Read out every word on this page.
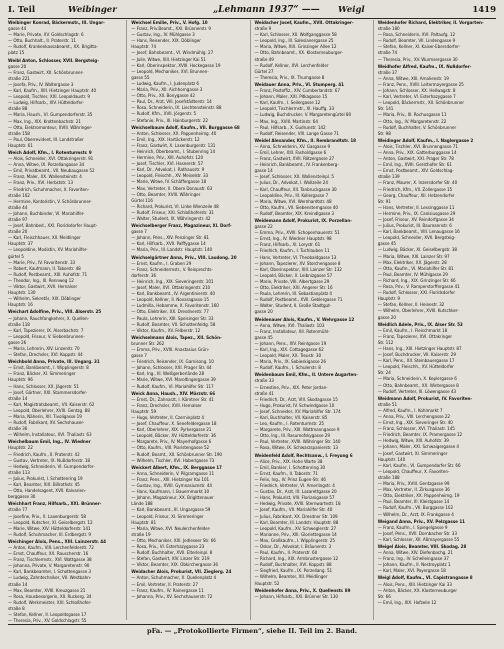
I. Teil	Weibinger	„Lehmann 1937“ —— Weigl	1419
Weibinger Konrad, Bäckermstr., III. Ungar-
gasse 44
— Marie, Private, XV. Goldschlagstr. 6
— Otto, Buchhalt., II. Praterstr. 11
— Rudolf, Krankenkassabeamt., XX. Brigitta-
platz 15
Weibl Anton, Schlosser, XVII. Bergsteig-
gasse 20
— Franz, Gastwirt, XII. Schönbrunner-
straße 221
— Josefa, Priv., IV. Waltergasse 3
— Karl, Kaufm., XIII. Hietzinger Hauptstr. 40
— Leopold, Tischler, XXI. Leopoldaustr. 9
— Ludwig, Hilfsarb., XIV. Hütteldorfer-
straße 88
— Maria, Haush., VI. Gumpendorferstr. 35
— Max, Ing., XIX. Krottenbachstr. 21
— Otto, Elektromonteur, XVIII. Währinger-
straße 158
— Paul, Oberrevident, III. Landstraßer
Hauptstr. 61
Weich Adolf, Kfm., I. Rotenturmstr. 9
— Alois, Schneider, XVI. Ottakringerstr. 91
— Anna, Witwe, IX. Porzellangasse 34
— Emil, Privatbeamt., VII. Neubaugasse 52
— Franz, Maler, XX. Wallensteinstr. 4
— Franz, Priv., XVI. Herbststr. 13
— Friedrich, Schuhmacher, X. Favoriten-
straße 102
— Hermine, Kontoristin, V. Schönbrunner-
straße 44
— Johann, Buchbinder, VI. Mariahilfer-
straße 97
— Josef, Bahnbed., XXI. Floridsdorfer Haupt-
straße 20
— Karl, Fleischhauer, XII. Meidlinger
Hauptstr. 37
— Leopoldine, Modistin, XV. Mariahilfer-
gürtel 5
— Marie, Priv., IV. Favoritenstr. 33
— Robert, Kaufmann, II. Taborstr. 48
— Rudolf, Postbeamt., XIII. Auhofstr. 71
— Theodor, Ing., III. Rennweg 12
— Viktor, Gastwirt, XVII. Hernalser
Hauptstr. 130
— Wilhelm, Sekretär, XIX. Döblinger
Hauptstr. 16
Weichart Adolfine, Priv., VIII. Alserstr. 25
— Johann, Rauchfangkehrer, X. Quellen-
straße 118
— Karl, Tapezierer, IX. Alserbachstr. 7
— Leopold, Friseur, V. Siebenbrunnen-
gasse 26
— Maria, Lehrerin, XIV. Linzerstr. 70
— Stefan, Drechsler, XVI. Koppstr. 44
Weichbold Anna, Private, III. Ungarg. 31
— Ernst, Bankbeamt., I. Wipplingerstr. 8
— Franz, Bäcker, XI. Simmeringer
Hauptstr. 96
— Hans, Schlosser, XX. Jägerstr. 51
— Josef, Gärtner, XXI. Stammersdorfer-
straße 14
— Karl, Magistratsbeamt., VII. Kaiserstr. 62
— Leopold, Oberlehrer, XVIII. Gentzg. 88
— Maria, Näherin, XII. Tivoligasse 19
— Rudolf, Fabrikant, XV. Sechshauser-
straße 36
— Wilhelm, Installateur, XVI. Thaliastr. 63
Weichelbaum Emil, Ing., IV. Wiedner
Hauptstr. 22
— Friedrich, Kaufm., II. Praterstr. 42
— Gustav, Vertreter, IX. Nußdorferstr. 18
— Hedwig, Schneiderin, VI. Gumpendorfer-
straße 113
— Julius, Prokurist, I. Schottenring 19
— Karl, Beamter, XIX. Billrothstr. 45
— Otto, Handelsagent, XVII. Kalvarien-
berggasse 30
Weichhart Franz, Hilfsarb., XXI. Brünner-
straße 77
— Josefine, Priv., X. Laxenburgerstr. 58
— Leopold, Kutscher, XI. Geiselbergstr. 12
— Marie, Witwe, XIV. Hütteldorferstr. 141
— Rudolf, Schuhmacher, III. Erdbergstr. 9
Weichinger Alois, Pens., XIII. Lainzerstr. 44
— Anton, Kaufm., VIII. Lerchenfelderstr. 72
— Ernst, Chauffeur, XX. Rauscherstr. 16
— Franz, Tischlermstr., XVI. Wattgasse 38
— Johanna, Private, V. Margaretenstr. 90
— Karl, Bankbeamter, I. Schottengasse 3
— Ludwig, Zahntechniker, VII. Westbahn-
straße 14
— Max, Beamter, XVIII. Kreuzgasse 21
— Rosa, Hausbesorgerin, XII. Ruckerg. 34
— Rudolf, Werkmeister, XXI. Schloßhofer-
straße 8
— Stefan, Kellner, II. Leopoldsgasse 17
— Theresia, Priv., XV. Goldschlagstr. 55
Weichsel Emilie, Priv., V. Hofg. 10
— Franz, Priv.Beamt., XXI. Brünnerstr. 9
— Gustav, Ing., IV. Mühlgasse 3
— Hans, Reisender, XIX. Döblinger
Hauptstr. 74
— Josef, Bahnbeamt., VI. Windmühlg. 27
— Julie, Witwe, XIII. Hietzinger Kai 51
— Karl, Oberinspektor, XVIII. Hockegasse 19
— Leopold, Mechaniker, XVI. Brunnen-
gasse 55
— Ludwig, Kaufm., I. Judenplatz 6
— Maria, Priv., XII. Aichhorngasse 3
— Otto, Priv., XII. Bonygasse 42
— Paul, Dr., Arzt, VIII. Josefstädterstr. 14
— Rosa, Schneiderin, IX. Liechtensteinstr. 88
— Rudolf, Kfm., XVII. Jörgerstr. 5
— Stefanie, Priv., III. Hainburgerstr. 22
Weichselbaum Adolf, Kaufm., VII. Burggasse 68
— Anton, Schlosser, XX. Pappenheimg. 40
— Emil, Ing., XIX. Hartäckerstr. 12
— Franz, Gastwirt, X. Laxenburgerstr. 131
— Heinrich, Oberbeamt., I. Stubenring 14
— Hermine, Priv., XIII. Auhofstr. 120
— Josef, Tischler, XVI. Hasnerstr. 57
— Karl, Dr., Advokat, I. Rathausstr. 9
— Leopold, Fleischh., XV. Meiselstr. 33
— Marie, Witwe, IV. Schäffergasse 18
— Max, Vertreter, II. Obere Donaustr. 63
— Otto, Beamter, XVIII. Währinger
Gürtel 116
— Richard, Prokurist, VI. Linke Wienzeile 48
— Rudolf, Friseur, XXI. Schloßhoferstr. 31
— Walter, Student, IX. Währingerstr. 42
Weichselberger Franz, Magazineur, XI. Dorf-
gasse 7
— Johann, Pens., XIV. Penzinger Str. 81
— Karl, Hilfsarb., XVII. Palffygasse 14
— Maria, Priv., III. Landstr. Hauptstr. 140
Weichselgärtner Anna, Priv., VIII. Laudong. 20
— Ernst, Kaufm., I. Graben 29
— Franz, Schneidermstr., V. Reinprechts-
dorferstr. 36
— Heinrich, Ing., XIX. Sieveringerstr. 101
— Josef, Maler, XVI. Ottakringerstr. 210
— Karl, Bankbeamt., IV. Argentinierstr. 40
— Leopold, Kellner, II. Novaragasse 15
— Ludmilla, Hebamme, X. Favoritenstr. 160
— Otto, Elektriker, XX. Dresdnerstr. 77
— Paula, Lehrerin, XIII. Speisinger Str. 33
— Rudolf, Beamter, VII. Schottenfeldg. 58
— Viktor, Kaufm., XV. Felberstr. 12
Weichselmann Alois, Tapez., XII. Schön-
brunner Str. 262
— Emma, Priv., XVIII. Anastasius Grün-
gasse 7
— Friedrich, Reisender, IX. Garnisong. 10
— Johann, Schlosser, XXI. Prager Str. 44
— Karl, Ing., III. Weißgerberlände 28
— Marie, Witwe, XVI. Maroltingergasse 39
— Rudolf, Kaufm., VI. Mariahilfer Str. 117
Weick Anna, Haush., XIV. Märzstr. 66
— Ernst, Dr., Zahnarzt, I. Kärntner Str. 41
— Franz, Drechsler, XVII. Hernalser
Hauptstr. 59
— Hugo, Vertreter, II. Czerninplatz 4
— Josef, Chauffeur, X. Senefeldergasse 18
— Karl, Oberlehrer, XIX. Pyrkergasse 21
— Leopold, Bäcker, XV. Hütteldorferstr. 36
— Margarete, Priv., IV. Mayerhofgasse 6
— Otto, Kaufm., VIII. Piaristengasse 52
— Rudolf, Beamt., XII. Schönbrunner Str. 190
— Wilhelm, Tischler, XVI. Haberlgasse 73
Weickert Albert, Kfm., IX. Berggasse 17
— Anna, Schneiderin, V. Pilgramgasse 11
— Franz, Pens., XIII. Hietzinger Kai 101
— Gustav, Ing., XVIII. Gymnasiumstr. 44
— Hans, Kaufmann, I. Bauernmarkt 10
— Johann, Magazineur, XX. Brigittenauer
Lände 188
— Karl, Bankbeamt., III. Ungargasse 59
— Leopold, Friseur, XI. Simmeringer
Hauptstr. 81
— Maria, Witwe, XVI. Neulerchenfelder-
straße 19
— Otto, Mechaniker, XXI. Jedleseer Str. 66
— Rosa, Priv., VI. Esterhazygasse 23
— Rudolf, Buchhalter, XVII. Elterleinpl. 8
— Stefan, Gastwirt, XIV. Linzer Str. 219
— Viktor, Beamter, XIX. Obkirchergasse 36
Weidacher Alois, Prokurist, VII. Zieglerg. 24
— Anton, Schuhmacher, X. Quellenplatz 4
— Emil, Vertreter, II. Praterstr. 27
— Franz, Kaufm., IV. Rainergasse 11
— Johanna, Priv., XV. Sechshauserstr. 72
Weidacher Josef, Kaufm., XVII. Ottakringer-
straße 9
— Karl, Schlosser, XII. Wolfganggasse 58
— Leopold, Ing., III. Salesianergasse 25
— Maria, Witwe, XIX. Grinzinger Allee 12
— Otto, Bahnbeamt., XX. Klosterneuburger-
straße 49
— Rudolf, Kellner, XVI. Lerchenfelder
Gürtel 27
— Theresia, Priv., IX. Thurngasse 8
Weidauer Anna, Priv., VI. Stumperg. 41
— Franz, Postoffiz., XIV. Cumberlandstr. 67
— Johann, Maler, XXI. Pitkagasse 15
— Karl, Kaufm., I. Seilergasse 12
— Leopold, Tischlermstr., XI. Hauffg. 33
— Ludwig, Buchdrucker, V. Margaretengürtel 80
— Max, Ing., XVIII. Martinstr. 64
— Paul, Hilfsarb., X. Gudrunstr. 142
— Rudolf, Reisender, VIII. Lange Gasse 71
Weidel Alexander, Kfm., II. Rembrandtstr. 18
— Anna, Schneiderin, XV. Gasgasse 9
— Emil, Lehrer, XIII. Fasholdgasse 6
— Franz, Gastwirt, XVII. Rötzergasse 27
— Heinrich, Bankbeamt., IV. Frankenberg-
gasse 14
— Josef, Schlosser, XX. Wallensteinpl. 5
— Julius, Dr., Advokat, I. Wollzeile 24
— Karl, Chauffeur, XII. Tanbruckgasse 30
— Leopoldine, Priv., III. Kollergasse 7
— Maria, Witwe, XVI. Wernhardtstr. 48
— Otto, Kaufm., VII. Siebensterngasse 40
— Rudolf, Beamter, XIX. Kreindlgasse 3
Weidemann Adolf, Prokurist, IX. Porzellan-
gasse 22
— Emma, Priv., XVIII. Schopenhauerstr. 51
— Ernst, Ing., IV. Wiedner Hauptstr. 98
— Franz, Hilfsarb., XI. Lorystr. 61
— Friedrich, Kaufm., I. Tuchlauben 11
— Hans, Vertreter, VI. Theobaldgasse 13
— Johann, Tapezierer, XV. Storchengasse 8
— Karl, Oberinspektor, XIII. Lainzer Str. 132
— Leopold, Bäcker, X. Leibnizgasse 57
— Marie, Private, VIII. Albertgasse 29
— Otto, Elektriker, XXI. Angerer Str. 16
— Paula, Lehrerin, III. Sebastianplatz 4
— Rudolf, Postbeamt., XVII. Geblergasse 71
— Walter, Student, II. Große Stadtgut-
gasse 20
Weidenauer Alois, Kaufm., V. Wehrgasse 12
— Anna, Witwe, XVI. Thaliastr. 103
— Franz, Installateur, XII. Rotenmühl-
gasse 45
— Johann, Pens., XIV. Reinlgasse 19
— Karl, Ing., XIX. Cottagegasse 62
— Leopold, Maler, XX. Treustr. 30
— Maria, Priv., IX. Sobieskigasse 26
— Rudolf, Kaufm., I. Schulerstr. 8
Weidenbaum Emil, Kfm., II. Untere Augarten-
straße 33
— Ernestine, Priv., XIX. Peter Jordan-
straße 41
— Friedrich, Dr., Arzt, VIII. Skodagasse 15
— Hugo, Prokurist, IV. Schwindgasse 10
— Josef, Schneider, XV. Mariahilfer Str. 174
— Karl, Buchhalter, VII. Kaiserstr. 85
— Leo, Kaufm., I. Rotenturmstr. 25
— Margarete, Priv., XIII. Wattmanngasse 9
— Otto, Ing., III. Rasumofskygasse 29
— Paul, Vertreter, XVIII. Währinger Str. 140
— Rosa, Witwe, IX. Schwarzspanierstr. 13
Weidenfeld Adolf, Rechtsanw., I. Freyung 6
— Alice, Priv., XIX. Hohe Warte 38
— Emil, Bankier, I. Schottenring 30
— Ernst, Kaufm., II. Taborstr. 71
— Felix, Ing., IV. Prinz Eugen-Str. 46
— Friedrich, Vertreter, VI. Amerlingstr. 4
— Gustav, Dr., Arzt, IX. Lazarettgasse 20
— Hans, Prokurist, VIII. Florianigasse 57
— Hedwig, Private, XVIII. Sternwartestr. 18
— Josef, Kaufm., VII. Mariahilfer Str. 40
— Julius, Fabrikant, XX. Dresdner Str. 109
— Karl, Beamter, III. Landstr. Hauptstr. 88
— Leopold, Kaufm., XV. Schweglerstr. 27
— Marianne, Priv., XIII. Gloriettegasse 14
— Max, Großkaufm., I. Wipplingerstr. 25
— Oskar, Dr., Advokat, I. Bräunerstr. 3
— Paul, Kaufm., II. Praterstr. 60
— Richard, Ing., XIX. Armbrustergasse 12
— Rudolf, Buchhalter, XVI. Koppstr. 88
— Siegfried, Kaufm., IX. Porzellang. 51
— Wilhelm, Beamter, XII. Meidlinger
Hauptstr. 52
Weidenhofer Anna, Priv., X. Quellenstr. 89
— Johann, Hilfsarb., XXI. Brünner Str. 130
Weidenhofer Richard, Elektriker, II. Vorgarten-
straße 180
— Rosa, Schneiderin, XVI. Paltaufg. 12
— Rudolf, Beamter, VII. Lindengasse 9
— Stefan, Kellner, XI. Kaiser-Ebersdorfer-
straße 74
— Theresia, Priv., XV. Wurmsergasse 30
Weidhofer Alfred, Kaufm., IX. Nußdorfer-
straße 37
— Anna, Witwe, XIII. Amalienstr. 19
— Franz, Pens., XVIII. Leitermayergasse 25
— Johann, Schlosser, XX. Hellwagstr. 8
— Karl, Vertreter, VI. Esterhazygasse 7
— Leopold, Bäckermstr., XII. Schönbrunner
Str. 141
— Maria, Priv., III. Rochusgasse 11
— Otto, Ing., IV. Margaretenstr. 22
— Rudolf, Buchhalter, V. Schönbrunner
Str. 98
Weidinger Adolf, Kaufm., I. Naglergasse 2
— Alois, Tischler, XVI. Brunnengasse 71
— Anna, Priv., XIX. Gatterburggasse 14
— Anton, Gastwirt, XXI. Prager Str. 78
— Emil, Ing., XVIII. Gersthofer Str. 61
— Ernst, Postbeamt., XIV. Goldschlag-
straße 139
— Franz, Maurer, X. Inzersdorfer Str. 40
— Friedrich, Kfm., VII. Zollergasse 15
— Georg, Chauffeur, XII. Hetzendorfer
Str. 91
— Hans, Vertreter, II. Lessinggasse 11
— Hermine, Priv., IX. Canisiusgasse 29
— Josef, Friseur, XV. Reindorfgasse 34
— Julius, Prokurist, III. Baumannstr. 6
— Karl, Bankbeamt., VIII. Lenaugasse 16
— Leopold, Schneider, XVII. Bergsteig-
gasse 45
— Ludwig, Bäcker, XI. Geiselbergstr. 38
— Maria, Witwe, XIII. Lainzer Str. 97
— Max, Elektriker, XX. Jägerstr. 28
— Otto, Kaufm., VI. Mariahilfer Str. 81
— Paul, Beamter, IV. Mühlgasse 29
— Richard, Ing., XIX. Grinzinger Str. 66
— Rosa, Priv., V. Ramperstorffergasse 41
— Rudolf, Schlosser, XXI. Floridsdorfer
Hauptstr. 9
— Stefan, Kellner, II. Heinestr. 32
— Wilhelm, Oberlehrer, XVIII. Kutschker-
gasse 20
Weidlich Adele, Priv., IX. Alser Str. 53
— Emil, Kaufm., I. Fleischmarkt 18
— Franz, Tapezierer, XVI. Ottakringer
Str. 112
— Hans, Ing., XIII. Hietzinger Hauptstr. 87
— Josef, Buchdrucker, VII. Kaiserstr. 29
— Karl, Pens., XII. Steinbauergasse 17
— Leopold, Fleischh., XV. Hütteldorfer
Str. 24
— Maria, Schneiderin, X. Keplergasse 6
— Otto, Bahnbeamt., XX. Wintergasse 8
— Rudolf, Vertreter, III. Löwengasse 43
Weidmann Adolf, Prokurist, IV. Favoriten-
straße 51
— Alfred, Kaufm., I. Kohlmarkt 7
— Anna, Priv., VIII. Lerchengasse 22
— Ernst, Ing., XIX. Sieveringer Str. 40
— Franz, Schlosser, XVI. Thaliastr. 145
— Friedrich, Beamter, IX. Pramergasse 12
— Hedwig, Witwe, XIII. Auhofstr. 39
— Johann, Maler, XXI. Schwaigergasse 4
— Josef, Gastwirt, XI. Simmeringer
Hauptstr. 140
— Karl, Kaufm., VI. Gumpendorfer Str. 66
— Leopold, Chauffeur, X. Favoriten-
straße 188
— Maria, Priv., XVIII. Gentzgasse 99
— Max, Vertreter, II. Zirkusgasse 36
— Otto, Elektriker, XX. Pappenheimg. 19
— Paul, Beamter, III. Kleistgasse 14
— Rudolf, Kaufm., VII. Burggasse 102
— Wilhelm, Dr., Arzt, IX. Frankgasse 4
Weigand Anna, Priv., XV. Pelzgasse 11
— Franz, Kaufm., I. Spiegelgasse 9
— Josef, Pens., XVII. Dornbacher Str. 33
— Karl, Schlosser, XII. Aßmayergasse 55
Weigel Alois, Beamter, VIII. Skodag. 28
— Anna, Witwe, XIV. Diefenbachg. 21
— Franz, Ing., IV. Schelleingasse 37
— Johann, Kaufm., II. Nestroyplatz 1
— Karl, Maler, XVI. Payergasse 18
Weigl Adolf, Kaufm., VI. Capistrangasse 8
— Alois, Pens., XIII. Hietzinger Kai 33
— Anton, Bäcker, XX. Klosterneuburger
Str. 66
— Emil, Ing., XIX. Hofzeile 12
pFa. — „Protokollierte Firmen“, siehe II. Teil im 2. Band.
